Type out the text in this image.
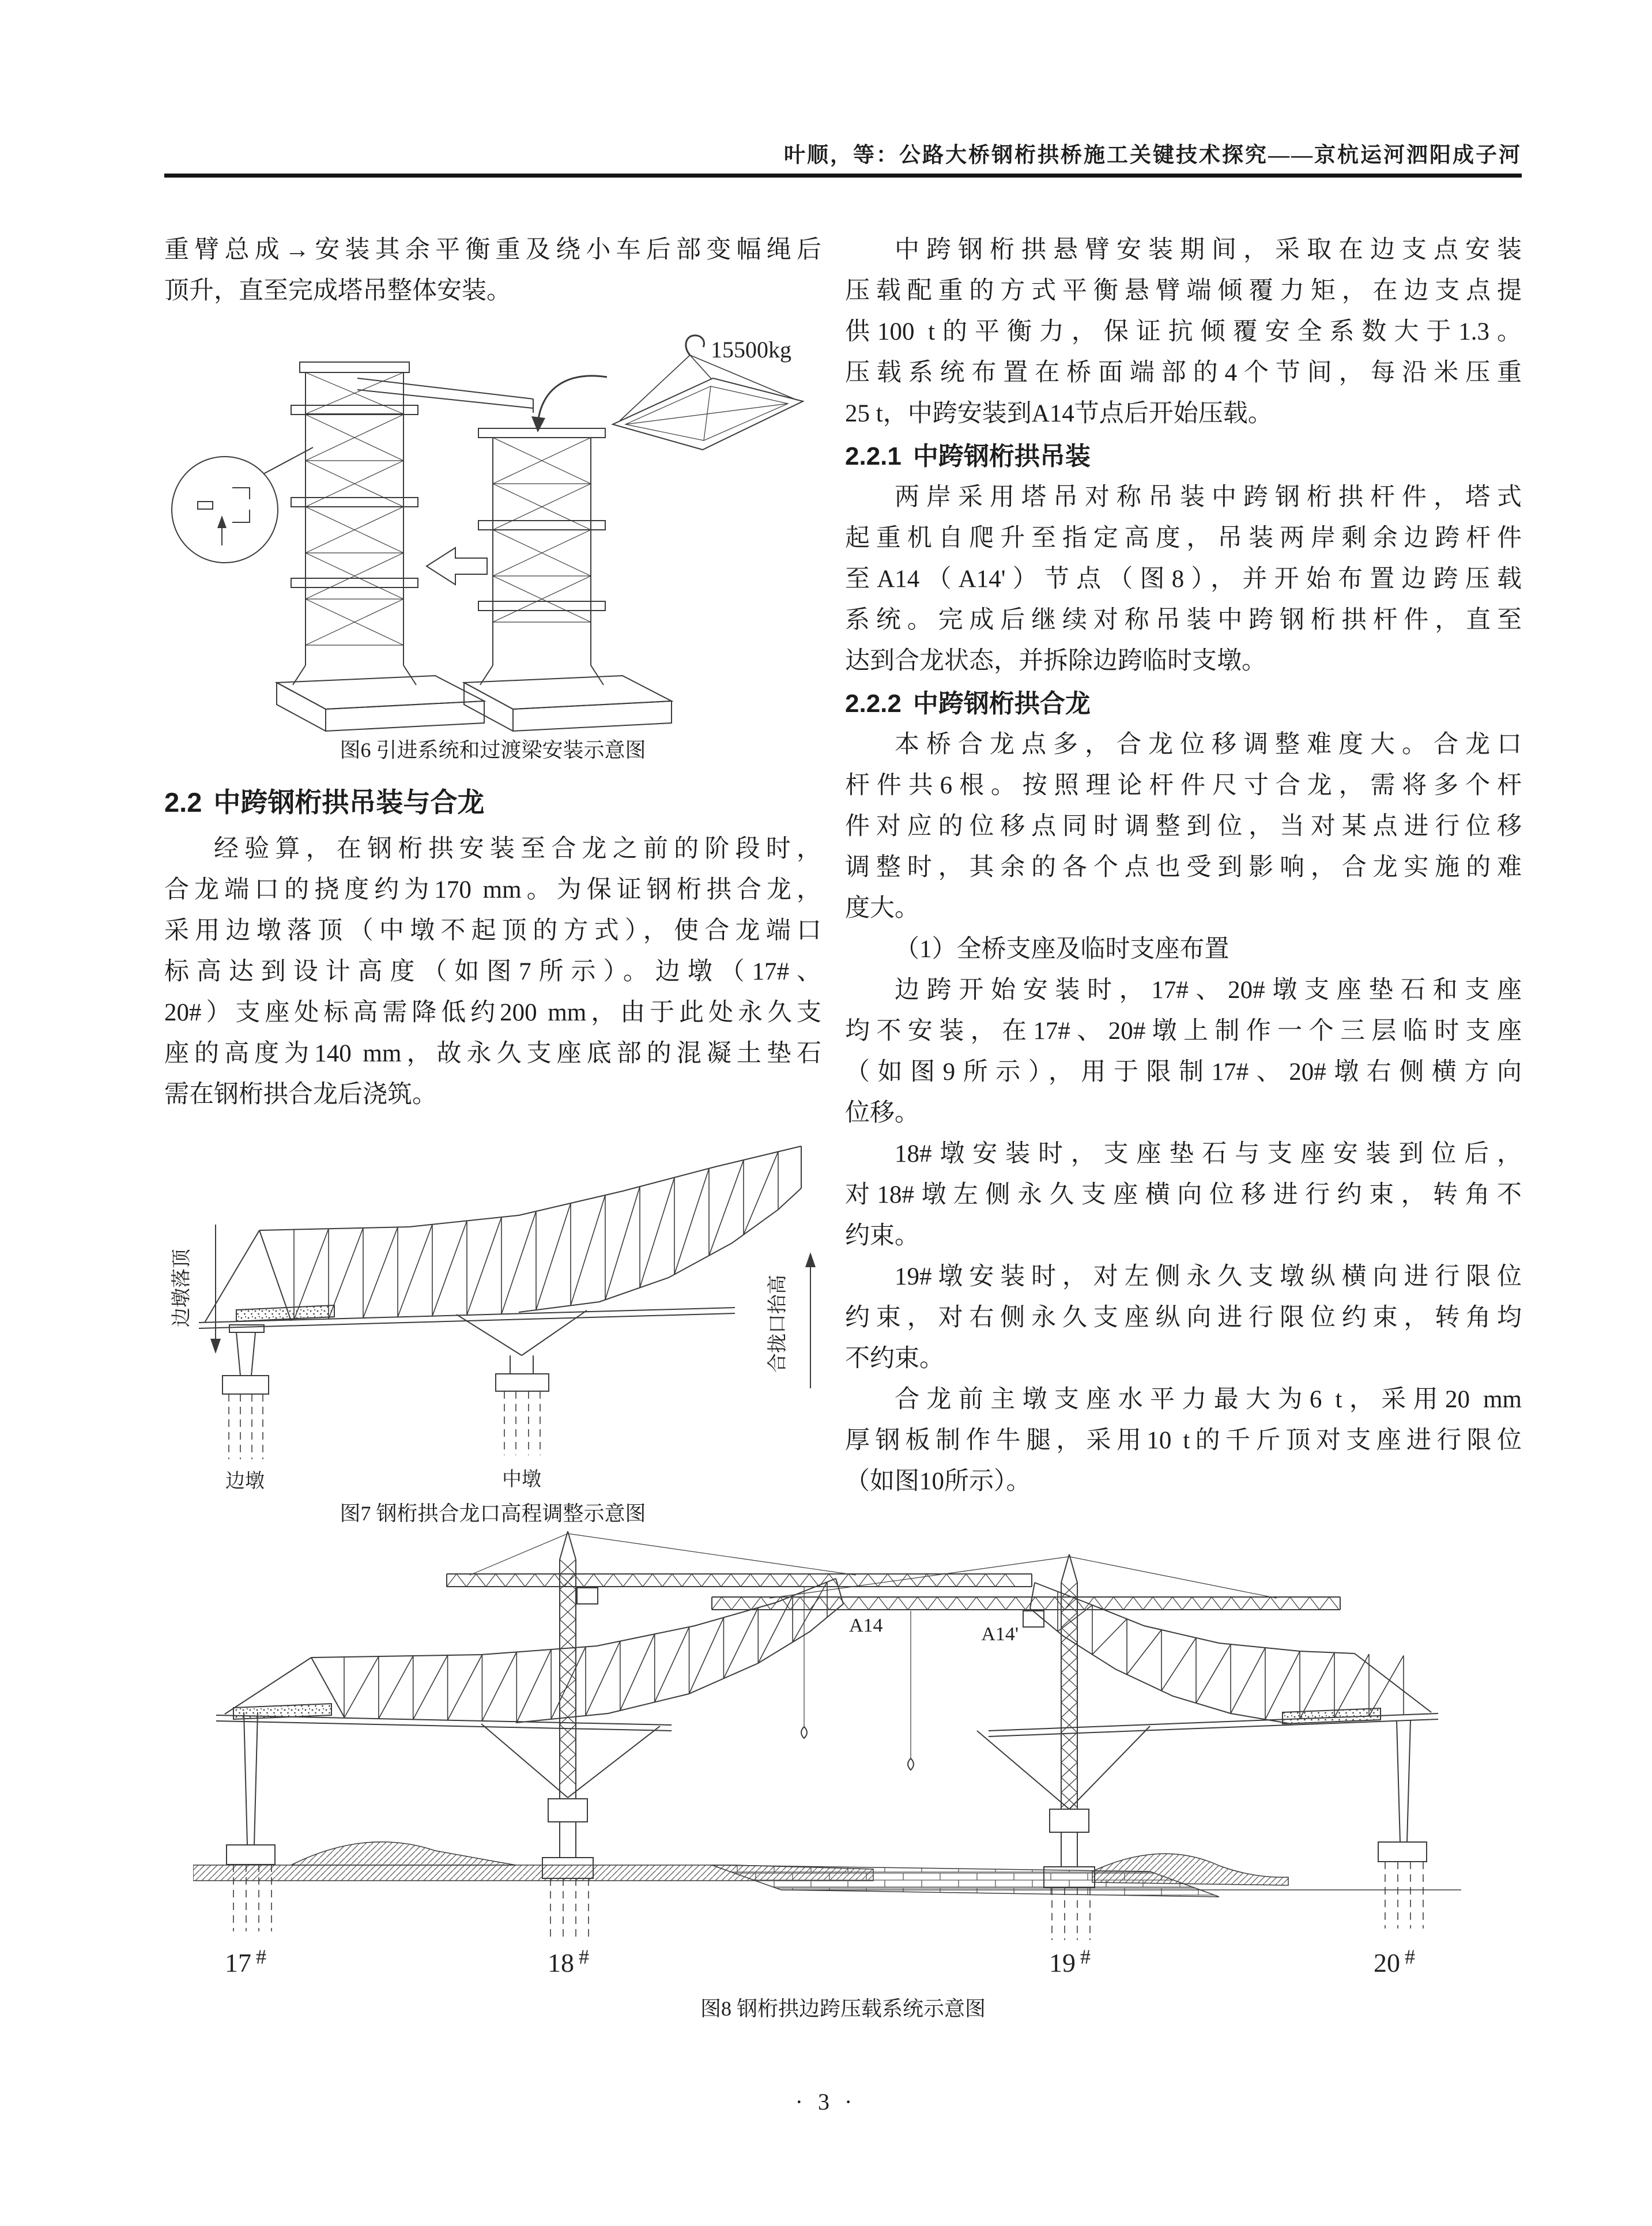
叶顺，等：公路大桥钢桁拱桥施工关键技术探究——京杭运河泗阳成子河
重臂总成→安装其余平衡重及绕小车后部变幅绳后
顶升，直至完成塔吊整体安装。
15500kg
图6 引进系统和过渡梁安装示意图
2.2 中跨钢桁拱吊装与合龙
经验算，在钢桁拱安装至合龙之前的阶段时，
合龙端口的挠度约为170 mm。为保证钢桁拱合龙，
采用边墩落顶（中墩不起顶的方式），使合龙端口
标高达到设计高度（如图7所示）。边墩（17#、
20#）支座处标高需降低约200 mm，由于此处永久支
座的高度为140 mm，故永久支座底部的混凝土垫石
需在钢桁拱合龙后浇筑。
边墩落顶	合拢口抬高
边墩	中墩
图7 钢桁拱合龙口高程调整示意图
中跨钢桁拱悬臂安装期间，采取在边支点安装
压载配重的方式平衡悬臂端倾覆力矩，在边支点提
供100 t的平衡力，保证抗倾覆安全系数大于1.3。
压载系统布置在桥面端部的4个节间，每沿米压重
25 t，中跨安装到A14节点后开始压载。
2.2.1 中跨钢桁拱吊装
两岸采用塔吊对称吊装中跨钢桁拱杆件，塔式
起重机自爬升至指定高度，吊装两岸剩余边跨杆件
至A14（A14'）节点（图8），并开始布置边跨压载
系统。完成后继续对称吊装中跨钢桁拱杆件，直至
达到合龙状态，并拆除边跨临时支墩。
2.2.2 中跨钢桁拱合龙
本桥合龙点多，合龙位移调整难度大。合龙口
杆件共6根。按照理论杆件尺寸合龙，需将多个杆
件对应的位移点同时调整到位，当对某点进行位移
调整时，其余的各个点也受到影响，合龙实施的难
度大。
（1）全桥支座及临时支座布置
边跨开始安装时，17#、20#墩支座垫石和支座
均不安装，在17#、20#墩上制作一个三层临时支座
（如图9所示），用于限制17#、20#墩右侧横方向
位移。
18#墩安装时，支座垫石与支座安装到位后，
对18#墩左侧永久支座横向位移进行约束，转角不
约束。
19#墩安装时，对左侧永久支墩纵横向进行限位
约束，对右侧永久支座纵向进行限位约束，转角均
不约束。
合龙前主墩支座水平力最大为6 t，采用20 mm
厚钢板制作牛腿，采用10 t的千斤顶对支座进行限位
（如图10所示）。
A14	A14'
17 #	18 #	19 #	20 #
图8 钢桁拱边跨压载系统示意图
· 3 ·
